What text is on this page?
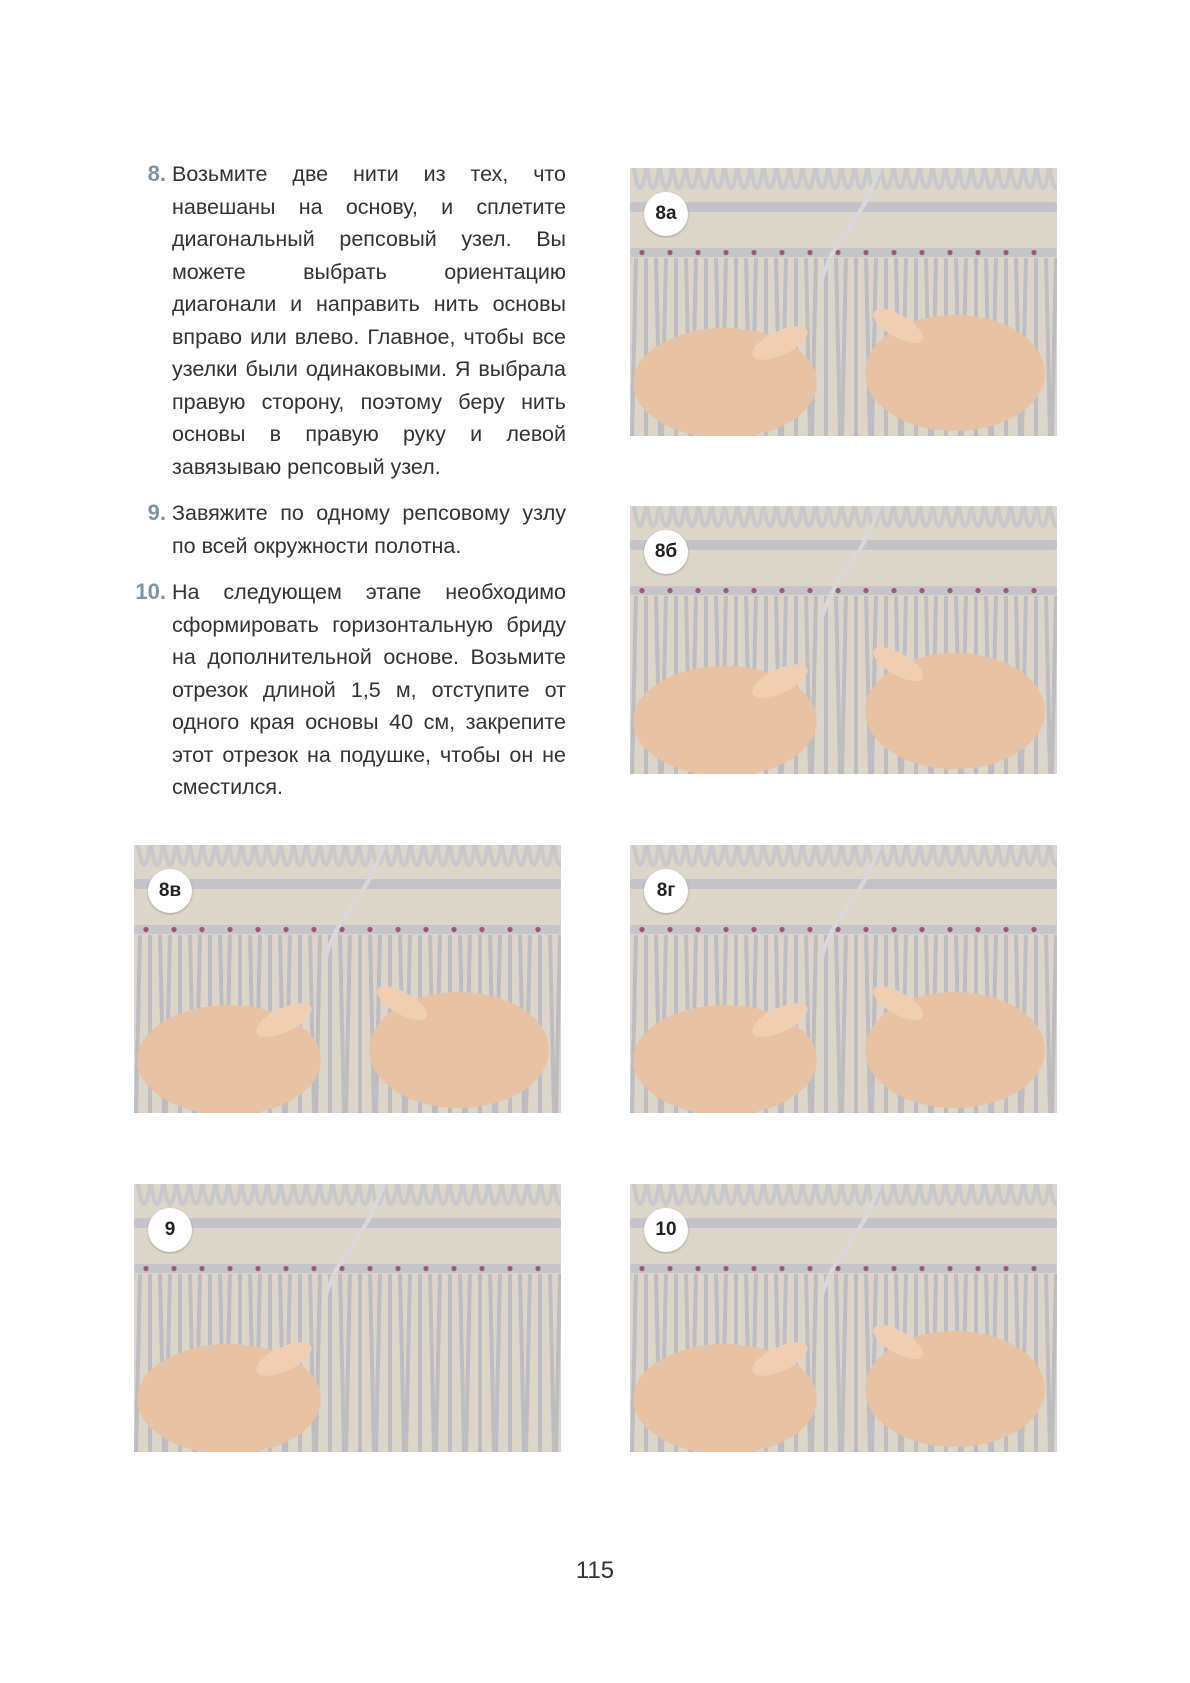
8. Возьмите две нити из тех, что навешаны на основу, и сплетите диагональный репсовый узел. Вы можете выбрать ориентацию диагонали и направить нить основы вправо или влево. Главное, чтобы все узелки были одинаковыми. Я выбрала правую сторону, поэтому беру нить основы в правую руку и левой завязываю репсовый узел.
9. Завяжите по одному репсовому узлу по всей окружности полотна.
10. На следующем этапе необходимо сформировать горизонтальную бриду на дополнительной основе. Возьмите отрезок длиной 1,5 м, отступите от одного края основы 40 см, закрепите этот отрезок на подушке, чтобы он не сместился.
8а
8б
8в	8г
9	10
115
